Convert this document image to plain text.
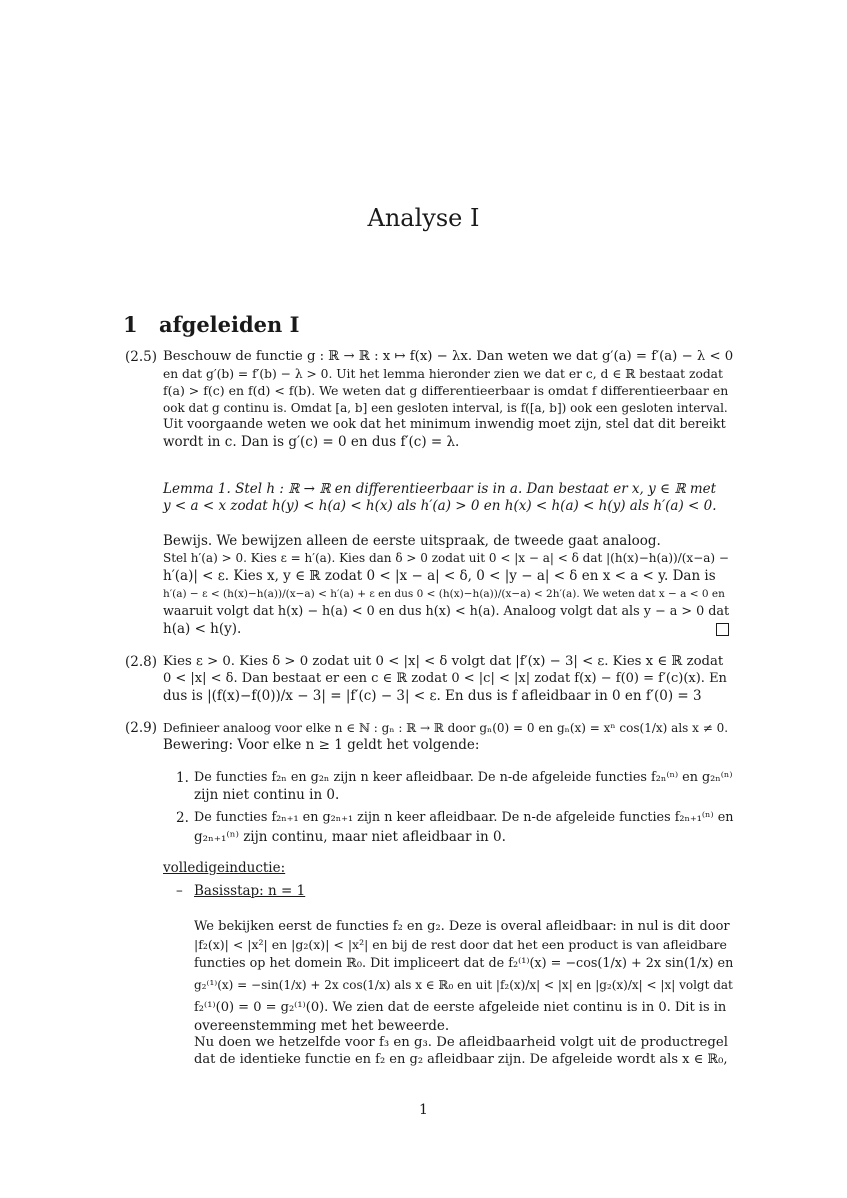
Analyse I
1 afgeleiden I
(2.5)
(2.8)
(2.9)
1.
2.
–
Beschouw de functie g : ℝ → ℝ : x ↦ f(x) − λx. Dan weten we dat g′(a) = f′(a) − λ < 0
en dat g′(b) = f′(b) − λ > 0. Uit het lemma hieronder zien we dat er c, d ∈ ℝ bestaat zodat
f(a) > f(c) en f(d) < f(b). We weten dat g differentieerbaar is omdat f differentieerbaar en
ook dat g continu is. Omdat [a, b] een gesloten interval, is f([a, b]) ook een gesloten interval.
Uit voorgaande weten we ook dat het minimum inwendig moet zijn, stel dat dit bereikt
wordt in c. Dan is g′(c) = 0 en dus f′(c) = λ.
Lemma 1. Stel h : ℝ → ℝ en differentieerbaar is in a. Dan bestaat er x, y ∈ ℝ met
y < a < x zodat h(y) < h(a) < h(x) als h′(a) > 0 en h(x) < h(a) < h(y) als h′(a) < 0.
Bewijs. We bewijzen alleen de eerste uitspraak, de tweede gaat analoog.
Stel h′(a) > 0. Kies ε = h′(a). Kies dan δ > 0 zodat uit 0 < |x − a| < δ dat |(h(x)−h(a))/(x−a) −
h′(a)| < ε. Kies x, y ∈ ℝ zodat 0 < |x − a| < δ, 0 < |y − a| < δ en x < a < y. Dan is
h′(a) − ε < (h(x)−h(a))/(x−a) < h′(a) + ε en dus 0 < (h(x)−h(a))/(x−a) < 2h′(a). We weten dat x − a < 0 en
waaruit volgt dat h(x) − h(a) < 0 en dus h(x) < h(a). Analoog volgt dat als y − a > 0 dat
h(a) < h(y).
Kies ε > 0. Kies δ > 0 zodat uit 0 < |x| < δ volgt dat |f′(x) − 3| < ε. Kies x ∈ ℝ zodat
0 < |x| < δ. Dan bestaat er een c ∈ ℝ zodat 0 < |c| < |x| zodat f(x) − f(0) = f′(c)(x). En
dus is |(f(x)−f(0))/x − 3| = |f′(c) − 3| < ε. En dus is f afleidbaar in 0 en f′(0) = 3
Definieer analoog voor elke n ∈ ℕ : gₙ : ℝ → ℝ door gₙ(0) = 0 en gₙ(x) = xⁿ cos(1/x) als x ≠ 0.
Bewering: Voor elke n ≥ 1 geldt het volgende:
De functies f₂ₙ en g₂ₙ zijn n keer afleidbaar. De n-de afgeleide functies f₂ₙ⁽ⁿ⁾ en g₂ₙ⁽ⁿ⁾
zijn niet continu in 0.
De functies f₂ₙ₊₁ en g₂ₙ₊₁ zijn n keer afleidbaar. De n-de afgeleide functies f₂ₙ₊₁⁽ⁿ⁾ en
g₂ₙ₊₁⁽ⁿ⁾ zijn continu, maar niet afleidbaar in 0.
volledigeinductie:
Basisstap: n = 1
We bekijken eerst de functies f₂ en g₂. Deze is overal afleidbaar: in nul is dit door
|f₂(x)| < |x²| en |g₂(x)| < |x²| en bij de rest door dat het een product is van afleidbare
functies op het domein ℝ₀. Dit impliceert dat de f₂⁽¹⁾(x) = −cos(1/x) + 2x sin(1/x) en
g₂⁽¹⁾(x) = −sin(1/x) + 2x cos(1/x) als x ∈ ℝ₀ en uit |f₂(x)/x| < |x| en |g₂(x)/x| < |x| volgt dat
f₂⁽¹⁾(0) = 0 = g₂⁽¹⁾(0). We zien dat de eerste afgeleide niet continu is in 0. Dit is in
overeenstemming met het beweerde.
Nu doen we hetzelfde voor f₃ en g₃. De afleidbaarheid volgt uit de productregel
dat de identieke functie en f₂ en g₂ afleidbaar zijn. De afgeleide wordt als x ∈ ℝ₀,
1
